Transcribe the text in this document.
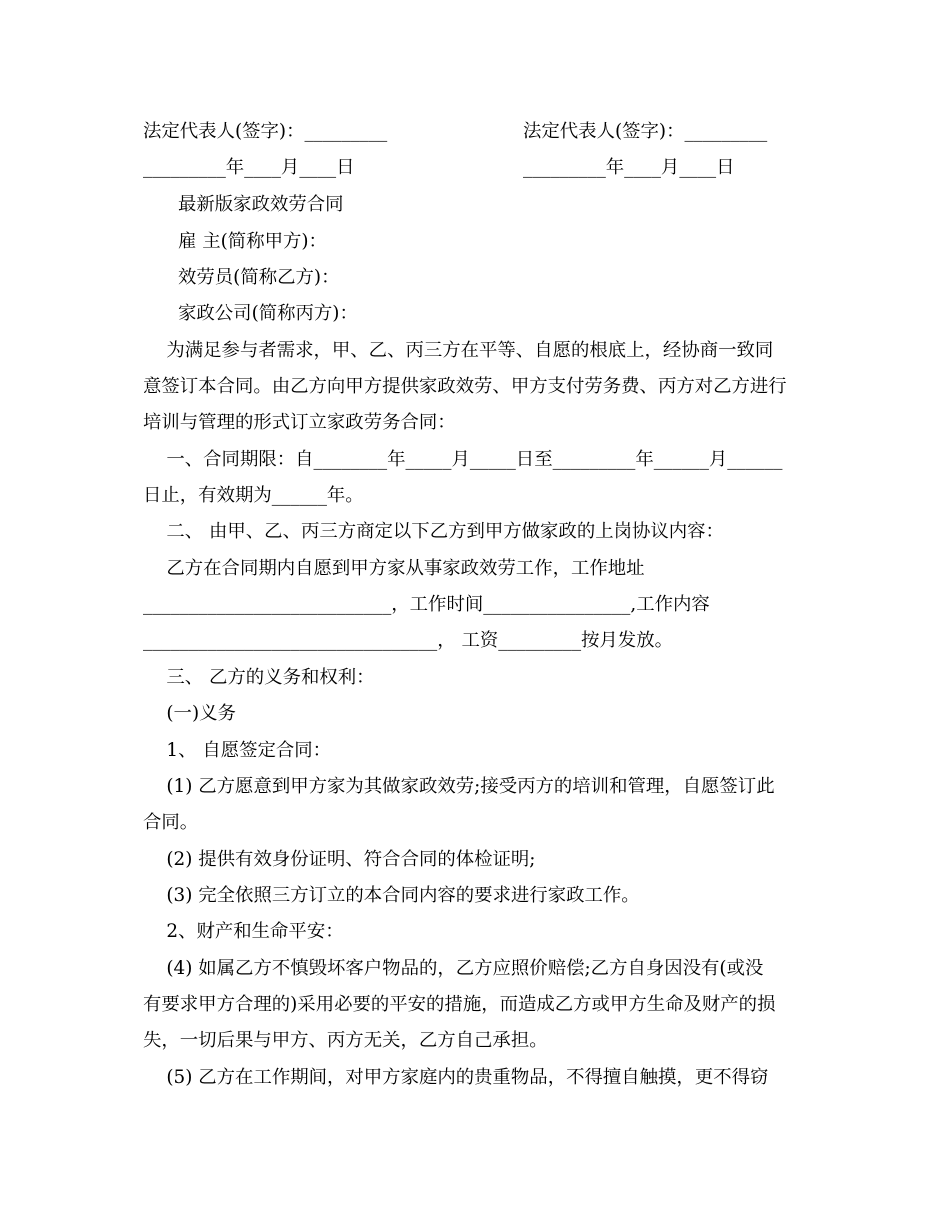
法定代表人(签字)：_________	法定代表人(签字)：_________
_________年____月____日	_________年____月____日
最新版家政效劳合同
雇 主(简称甲方)：
效劳员(简称乙方)：
家政公司(简称丙方)：
为满足参与者需求，甲、乙、丙三方在平等、自愿的根底上，经协商一致同
意签订本合同。由乙方向甲方提供家政效劳、甲方支付劳务费、丙方对乙方进行
培训与管理的形式订立家政劳务合同：
一、合同期限：自________年_____月_____日至_________年______月______
日止，有效期为______年。
二、 由甲、乙、丙三方商定以下乙方到甲方做家政的上岗协议内容：
乙方在合同期内自愿到甲方家从事家政效劳工作，工作地址
___________________________，工作时间________________,工作内容
________________________________， 工资_________按月发放。
三、 乙方的义务和权利：
(一)义务
1、 自愿签定合同：
(1) 乙方愿意到甲方家为其做家政效劳;接受丙方的培训和管理，自愿签订此
合同。
(2) 提供有效身份证明、符合合同的体检证明;
(3) 完全依照三方订立的本合同内容的要求进行家政工作。
2、财产和生命平安：
(4) 如属乙方不慎毁坏客户物品的，乙方应照价赔偿;乙方自身因没有(或没
有要求甲方合理的)采用必要的平安的措施，而造成乙方或甲方生命及财产的损
失，一切后果与甲方、丙方无关，乙方自己承担。
(5) 乙方在工作期间，对甲方家庭内的贵重物品，不得擅自触摸，更不得窃
